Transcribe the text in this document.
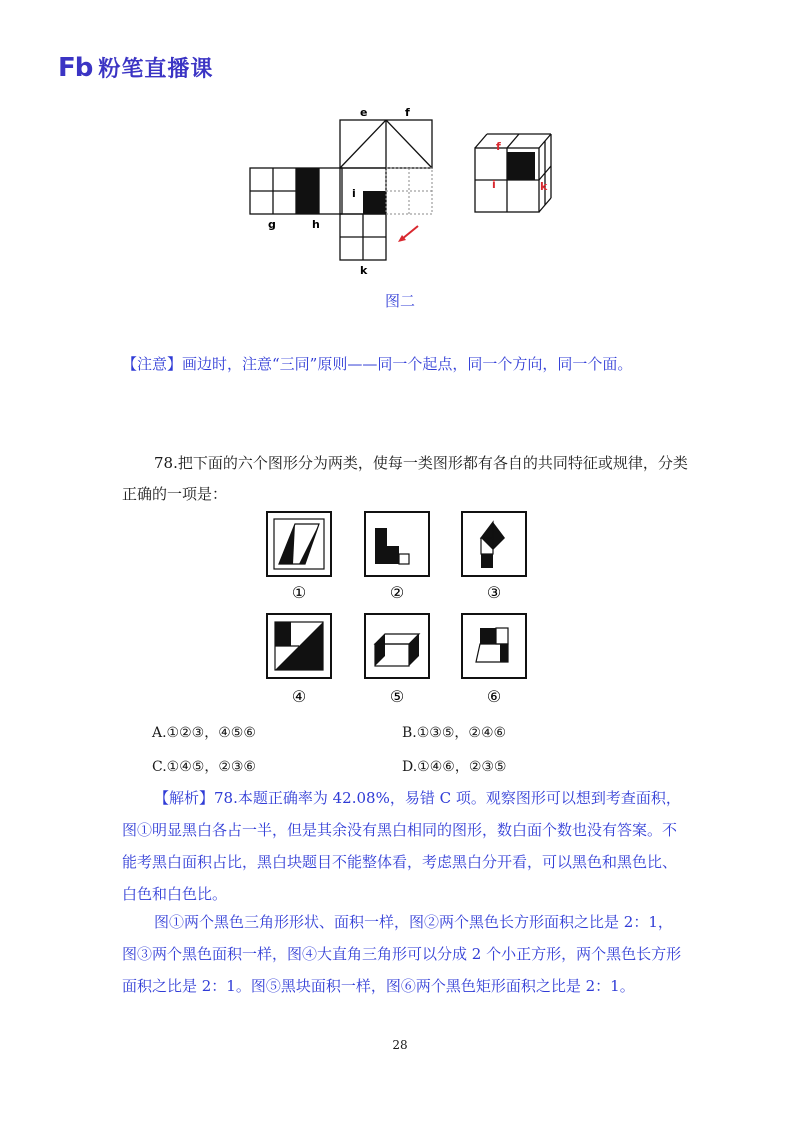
Fb 粉笔直播课
e	f
g	h
i
k
f
i	k
图二
【注意】画边时，注意“三同”原则——同一个起点，同一个方向，同一个面。
78.把下面的六个图形分为两类，使每一类图形都有各自的共同特征或规律，分类正确的一项是：
①	②	③
④	⑤	⑥
A.①②③，④⑤⑥	B.①③⑤，②④⑥
C.①④⑤，②③⑥	D.①④⑥，②③⑤
【解析】78.本题正确率为 42.08%，易错 C 项。观察图形可以想到考查面积，图①明显黑白各占一半，但是其余没有黑白相同的图形，数白面个数也没有答案。不能考黑白面积占比，黑白块题目不能整体看，考虑黑白分开看，可以黑色和黑色比、白色和白色比。
图①两个黑色三角形形状、面积一样，图②两个黑色长方形面积之比是 2：1，图③两个黑色面积一样，图④大直角三角形可以分成 2 个小正方形，两个黑色长方形面积之比是 2：1。图⑤黑块面积一样，图⑥两个黑色矩形面积之比是 2：1。
28
